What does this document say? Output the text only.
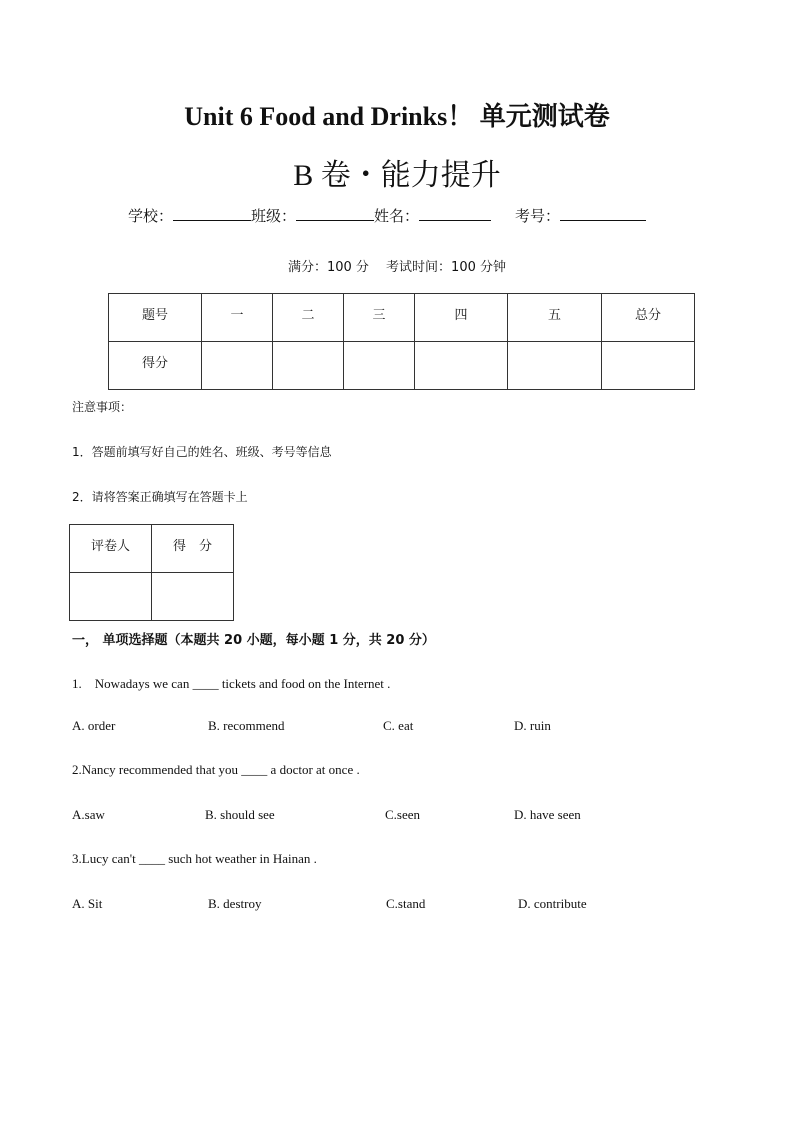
Unit 6 Food and Drinks！ 单元测试卷
B 卷・能力提升
学校：	班级：	姓名：	考号：
满分：100 分　 考试时间：100 分钟
题号	一	二	三	四	五	总分
得分						
注意事项：
1．答题前填写好自己的姓名、班级、考号等信息
2．请将答案正确填写在答题卡上
评卷人	得　分

一， 单项选择题（本题共 20 小题，每小题 1 分，共 20 分）
1.　Nowadays we can ____ tickets and food on the Internet .
A. order	B. recommend	C. eat	D. ruin
2.Nancy recommended that you ____ a doctor at once .
A.saw	B. should see	C.seen	D. have seen
3.Lucy can't ____ such hot weather in Hainan .
A. Sit	B. destroy	C.stand	D. contribute
